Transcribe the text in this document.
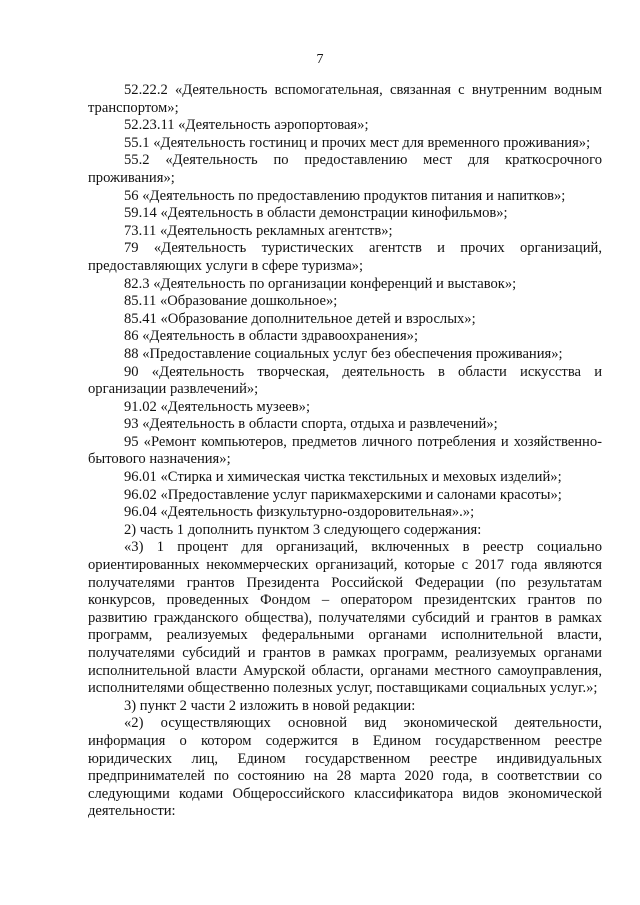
7

52.22.2 «Деятельность вспомогательная, связанная с внутренним водным транспортом»;

52.23.11 «Деятельность аэропортовая»;

55.1 «Деятельность гостиниц и прочих мест для временного проживания»;

55.2 «Деятельность по предоставлению мест для краткосрочного проживания»;

56 «Деятельность по предоставлению продуктов питания и напитков»;

59.14 «Деятельность в области демонстрации кинофильмов»;

73.11 «Деятельность рекламных агентств»;

79 «Деятельность туристических агентств и прочих организаций, предоставляющих услуги в сфере туризма»;

82.3 «Деятельность по организации конференций и выставок»;

85.11 «Образование дошкольное»;

85.41 «Образование дополнительное детей и взрослых»;

86 «Деятельность в области здравоохранения»;

88 «Предоставление социальных услуг без обеспечения проживания»;

90 «Деятельность творческая, деятельность в области искусства и организации развлечений»;

91.02 «Деятельность музеев»;

93 «Деятельность в области спорта, отдыха и развлечений»;

95 «Ремонт компьютеров, предметов личного потребления и хозяйственно-бытового назначения»;

96.01 «Стирка и химическая чистка текстильных и меховых изделий»;

96.02 «Предоставление услуг парикмахерскими и салонами красоты»;

96.04 «Деятельность физкультурно-оздоровительная».»;

2) часть 1 дополнить пунктом 3 следующего содержания:

«3) 1 процент для организаций, включенных в реестр социально ориентированных некоммерческих организаций, которые с 2017 года являются получателями грантов Президента Российской Федерации (по результатам конкурсов, проведенных Фондом – оператором президентских грантов по развитию гражданского общества), получателями субсидий и грантов в рамках программ, реализуемых федеральными органами исполнительной власти, получателями субсидий и грантов в рамках программ, реализуемых органами исполнительной власти Амурской области, органами местного самоуправления, исполнителями общественно полезных услуг, поставщиками социальных услуг.»;

3) пункт 2 части 2 изложить в новой редакции:

«2) осуществляющих основной вид экономической деятельности, информация о котором содержится в Едином государственном реестре юридических лиц, Едином государственном реестре индивидуальных предпринимателей по состоянию на 28 марта 2020 года, в соответствии со следующими кодами Общероссийского классификатора видов экономической деятельности:
